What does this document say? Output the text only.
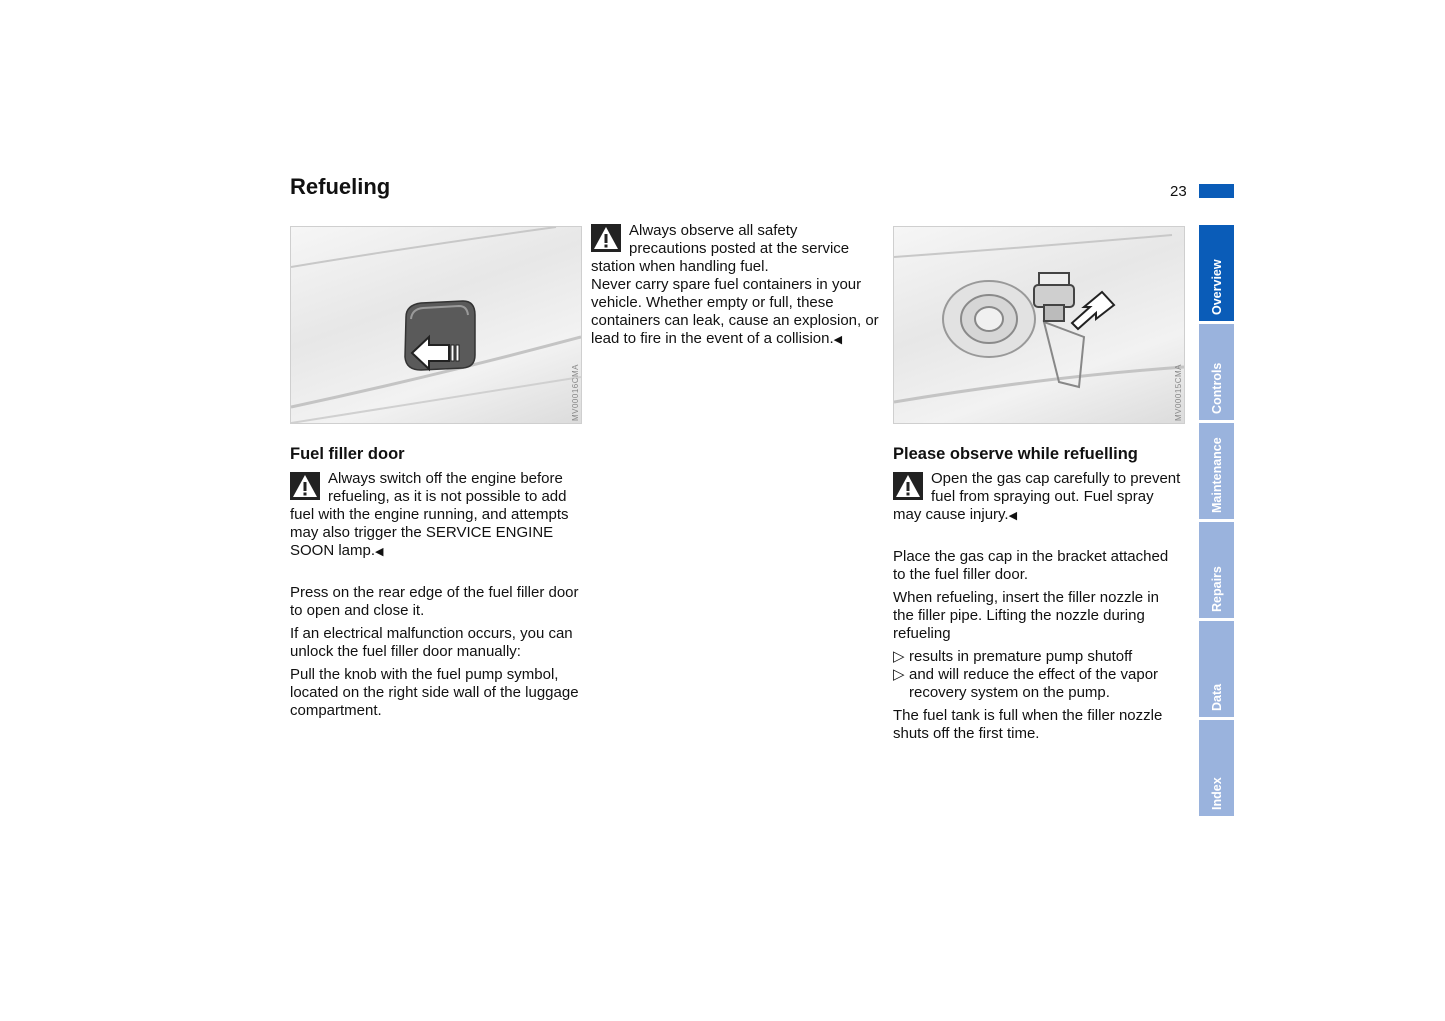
Refueling	23
MV00016CMA	MV00015CMA

Always observe all safety precautions posted at the service station when handling fuel.
Never carry spare fuel containers in your vehicle. Whether empty or full, these containers can leak, cause an explosion, or lead to fire in the event of a collision.◀

Fuel filler door

Always switch off the engine before refueling, as it is not possible to add fuel with the engine running, and attempts may also trigger the SERVICE ENGINE SOON lamp.◀

Press on the rear edge of the fuel filler door to open and close it.

If an electrical malfunction occurs, you can unlock the fuel filler door manually:

Pull the knob with the fuel pump symbol, located on the right side wall of the luggage compartment.

Please observe while refuelling

Open the gas cap carefully to prevent fuel from spraying out. Fuel spray may cause injury.◀

Place the gas cap in the bracket attached to the fuel filler door.

When refueling, insert the filler nozzle in the filler pipe. Lifting the nozzle during refueling

▷ results in premature pump shutoff
▷ and will reduce the effect of the vapor recovery system on the pump.

The fuel tank is full when the filler nozzle shuts off the first time.

Overview
Controls
Maintenance
Repairs
Data
Index
